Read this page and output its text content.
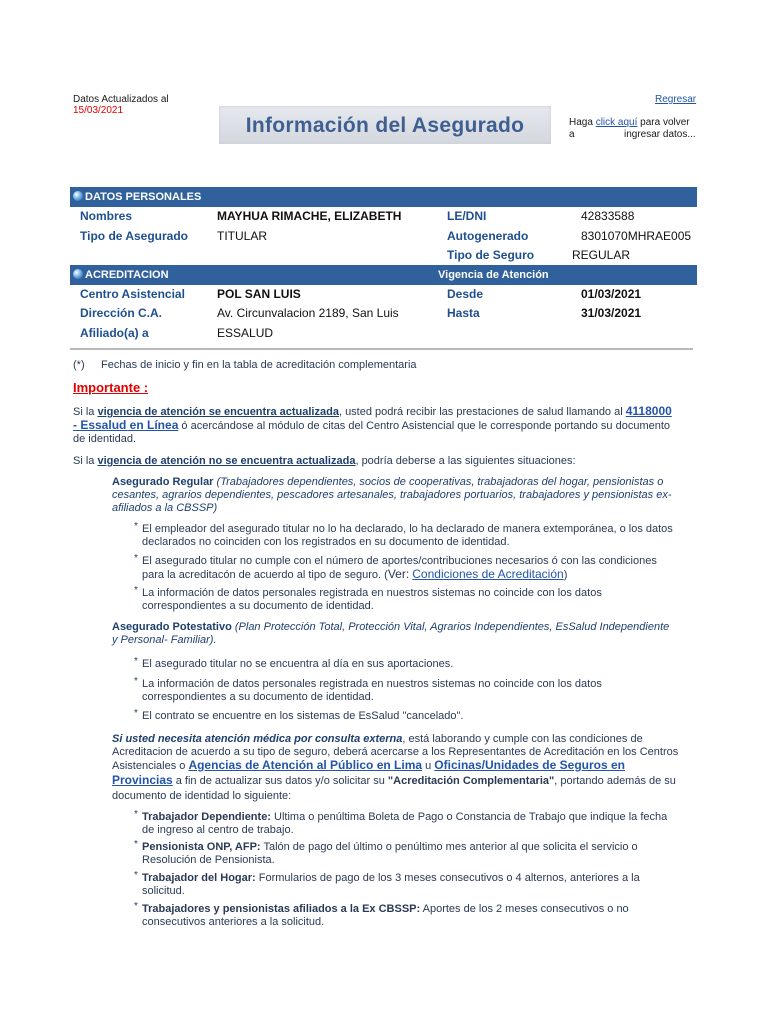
Datos Actualizados al
15/03/2021
Información del Asegurado
Regresar
Haga click aquí para volver a	ingresar datos...
DATOS PERSONALES
Nombres	MAYHUA RIMACHE, ELIZABETH	LE/DNI	42833588
Tipo de Asegurado TITULAR	Autogenerado	8301070MHRAE005
Tipo de Seguro	REGULAR
ACREDITACION	Vigencia de Atención
Centro Asistencial	POL SAN LUIS	Desde	01/03/2021
Dirección C.A.	Av. Circunvalacion 2189, San Luis	Hasta	31/03/2021
Afiliado(a) a	ESSALUD
(*) Fechas de inicio y fin en la tabla de acreditación complementaria
Importante :
Si la vigencia de atención se encuentra actualizada, usted podrá recibir las prestaciones de salud llamando al 4118000
- Essalud en Línea ó acercándose al módulo de citas del Centro Asistencial que le corresponde portando su documento
de identidad.
Si la vigencia de atención no se encuentra actualizada, podría deberse a las siguientes situaciones:
Asegurado Regular (Trabajadores dependientes, socios de cooperativas, trabajadoras del hogar, pensionistas o
cesantes, agrarios dependientes, pescadores artesanales, trabajadores portuarios, trabajadores y pensionistas ex-
afiliados a la CBSSP)
* El empleador del asegurado titular no lo ha declarado, lo ha declarado de manera extemporánea, o los datos
declarados no coinciden con los registrados en su documento de identidad.
* El asegurado titular no cumple con el número de aportes/contribuciones necesarios ó con las condiciones
para la acreditacón de acuerdo al tipo de seguro. (Ver: Condiciones de Acreditación)
* La información de datos personales registrada en nuestros sistemas no coincide con los datos
correspondientes a su documento de identidad.
Asegurado Potestativo (Plan Protección Total, Protección Vital, Agrarios Independientes, EsSalud Independiente
y Personal- Familiar).
* El asegurado titular no se encuentra al día en sus aportaciones.
* La información de datos personales registrada en nuestros sistemas no coincide con los datos
correspondientes a su documento de identidad.
* El contrato se encuentre en los sistemas de EsSalud "cancelado".
Si usted necesita atención médica por consulta externa, está laborando y cumple con las condiciones de
Acreditacion de acuerdo a su tipo de seguro, deberá acercarse a los Representantes de Acreditación en los Centros
Asistenciales o Agencias de Atención al Público en Lima u Oficinas/Unidades de Seguros en
Provincias a fin de actualizar sus datos y/o solicitar su "Acreditación Complementaria", portando además de su
documento de identidad lo siguiente:
* Trabajador Dependiente: Ultima o penúltima Boleta de Pago o Constancia de Trabajo que indique la fecha
de ingreso al centro de trabajo.
* Pensionista ONP, AFP: Talón de pago del último o penúltimo mes anterior al que solicita el servicio o
Resolución de Pensionista.
* Trabajador del Hogar: Formularios de pago de los 3 meses consecutivos o 4 alternos, anteriores a la
solicitud.
* Trabajadores y pensionistas afiliados a la Ex CBSSP: Aportes de los 2 meses consecutivos o no
consecutivos anteriores a la solicitud.
